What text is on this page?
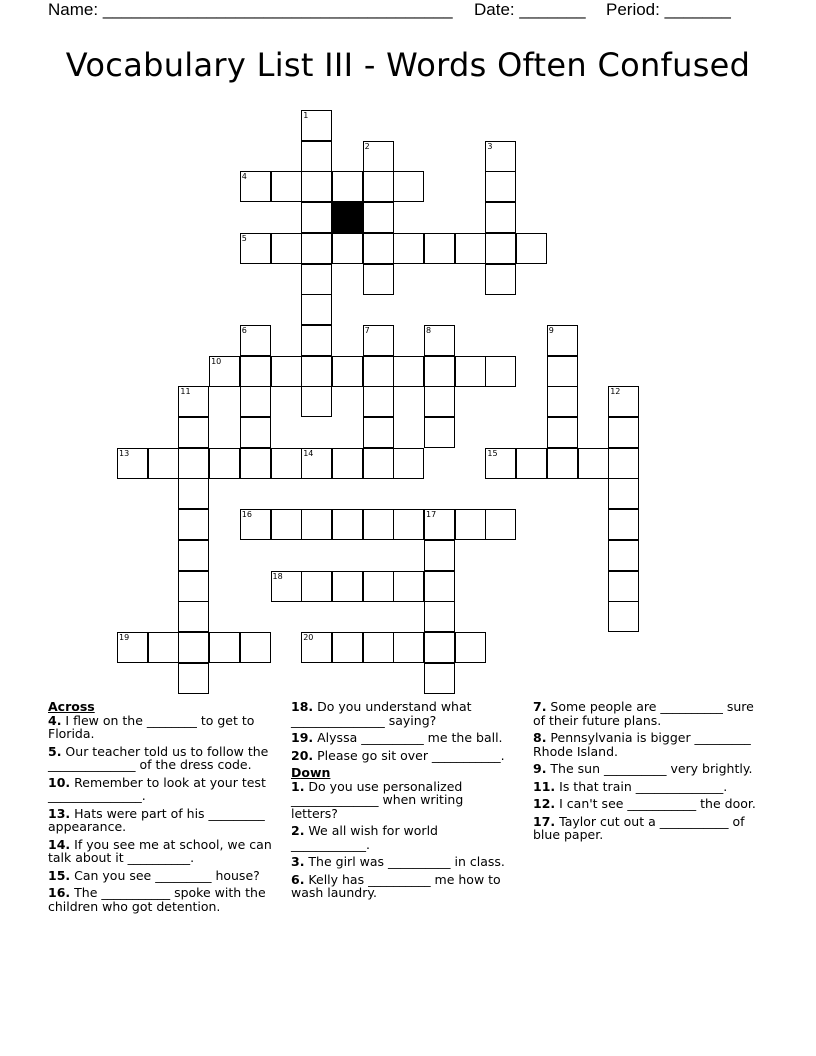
Name: _____________________________________ Date: _______ Period: _______
Vocabulary List III - Words Often Confused
1
2	3
4
5
6	7	8	9
10
11	12
13	14	15
16	17
18
19	20
Across
4. I flew on the ________ to get to Florida.
5. Our teacher told us to follow the ______________ of the dress code.
10. Remember to look at your test _______________.
13. Hats were part of his _________ appearance.
14. If you see me at school, we can talk about it __________.
15. Can you see _________ house?
16. The ___________ spoke with the children who got detention.
18. Do you understand what _______________ saying?
19. Alyssa __________ me the ball.
20. Please go sit over ___________.
Down
1. Do you use personalized ______________ when writing letters?
2. We all wish for world ____________.
3. The girl was __________ in class.
6. Kelly has __________ me how to wash laundry.
7. Some people are __________ sure of their future plans.
8. Pennsylvania is bigger _________ Rhode Island.
9. The sun __________ very brightly.
11. Is that train ______________.
12. I can't see ___________ the door.
17. Taylor cut out a ___________ of blue paper.
